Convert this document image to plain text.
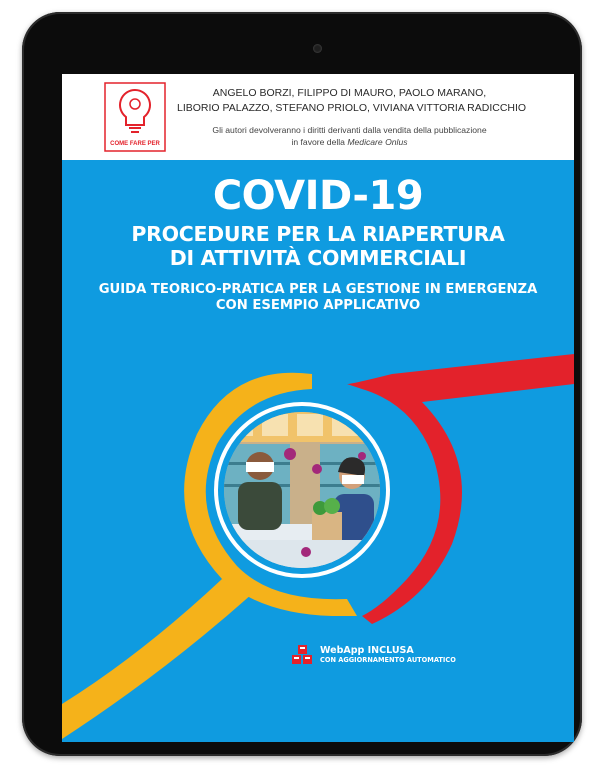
COME FARE PER
ANGELO BORZI, FILIPPO DI MAURO, PAOLO MARANO,
LIBORIO PALAZZO, STEFANO PRIOLO, VIVIANA VITTORIA RADICCHIO
Gli autori devolveranno i diritti derivanti dalla vendita della pubblicazione
in favore della Medicare Onlus
COVID-19
PROCEDURE PER LA RIAPERTURA
DI ATTIVITÀ COMMERCIALI
GUIDA TEORICO-PRATICA PER LA GESTIONE IN EMERGENZA
CON ESEMPIO APPLICATIVO
WebApp INCLUSA
CON AGGIORNAMENTO AUTOMATICO
